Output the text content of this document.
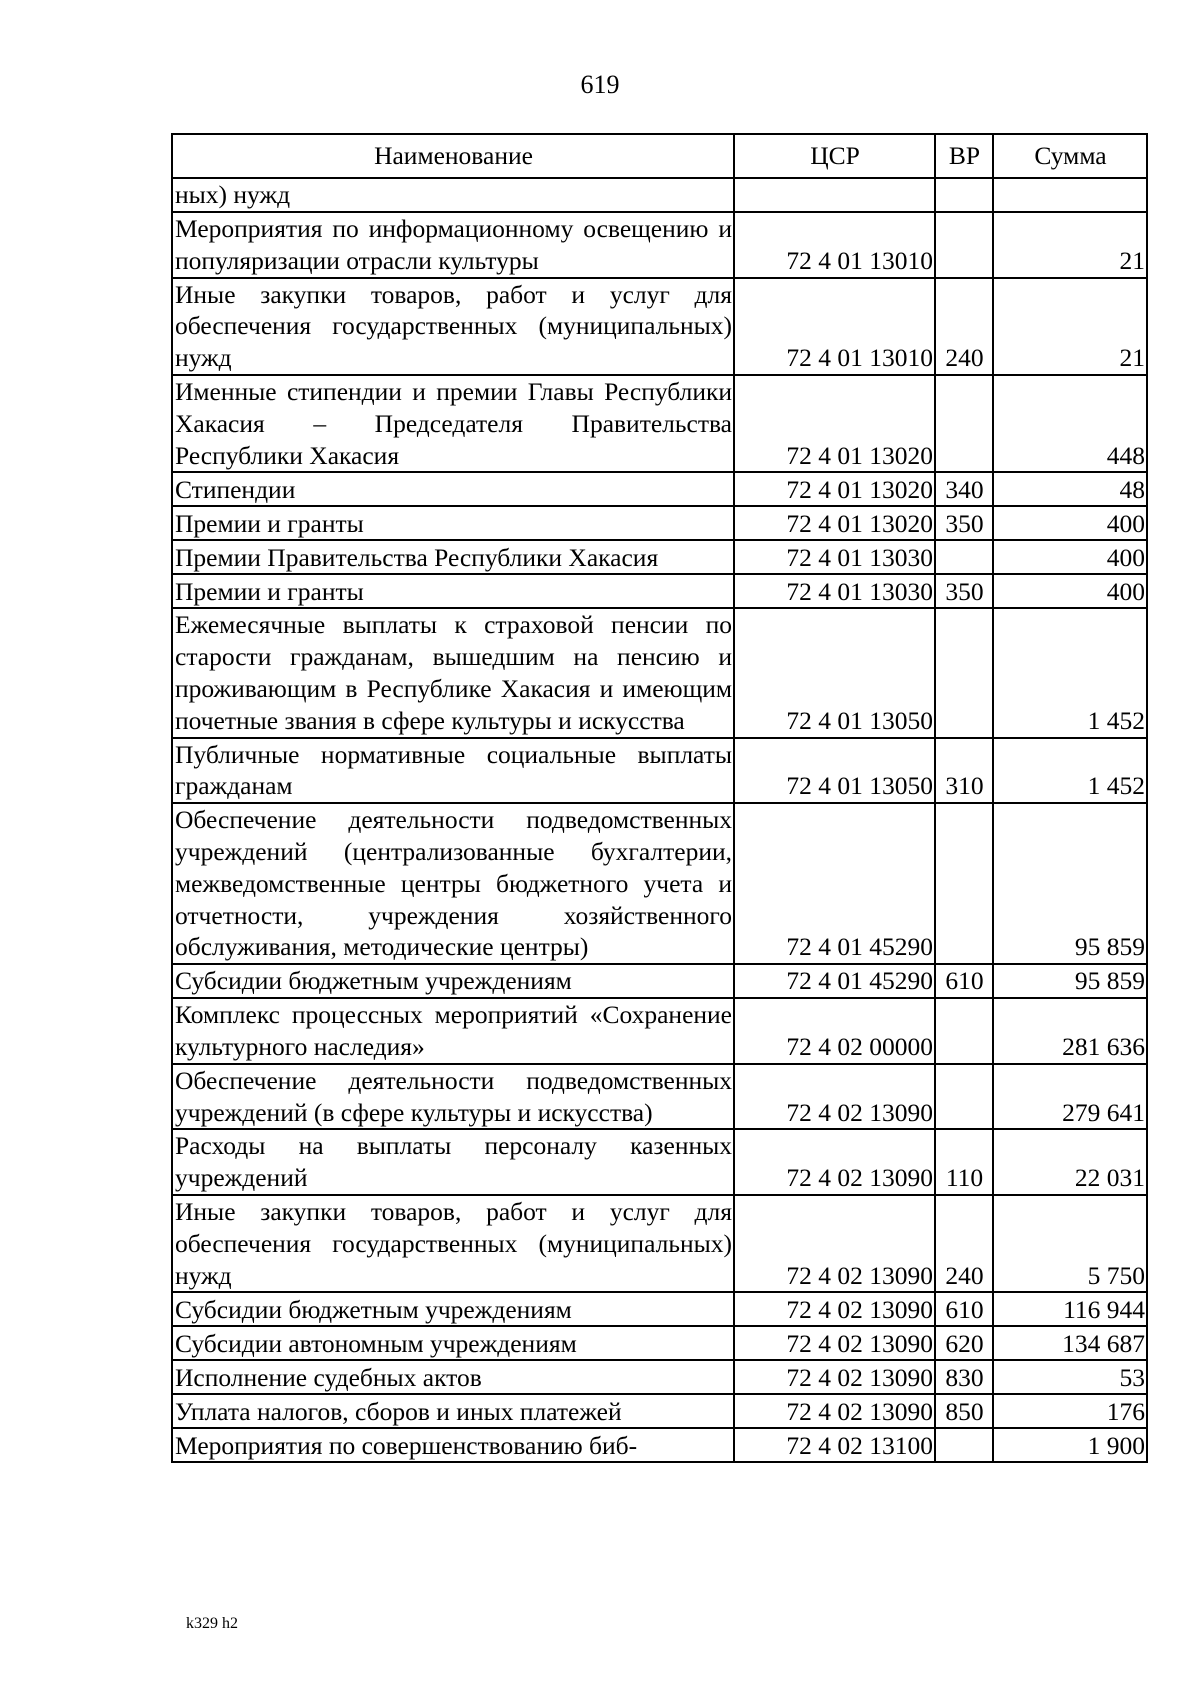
619
Наименование	ЦСР	ВР	Сумма
ных) нужд			
Мероприятия по информационному освещению и популяризации отрасли культуры	72 4 01 13010		21
Иные закупки товаров, работ и услуг для обеспечения государственных (муниципальных) нужд	72 4 01 13010	240	21
Именные стипендии и премии Главы Республики Хакасия – Председателя Правительства Республики Хакасия	72 4 01 13020		448
Стипендии	72 4 01 13020	340	48
Премии и гранты	72 4 01 13020	350	400
Премии Правительства Республики Хакасия	72 4 01 13030		400
Премии и гранты	72 4 01 13030	350	400
Ежемесячные выплаты к страховой пенсии по старости гражданам, вышедшим на пенсию и проживающим в Республике Хакасия и имеющим почетные звания в сфере культуры и искусства	72 4 01 13050		1 452
Публичные нормативные социальные выплаты гражданам	72 4 01 13050	310	1 452
Обеспечение деятельности подведомственных учреждений (централизованные бухгалтерии, межведомственные центры бюджетного учета и отчетности, учреждения хозяйственного обслуживания, методические центры)	72 4 01 45290		95 859
Субсидии бюджетным учреждениям	72 4 01 45290	610	95 859
Комплекс процессных мероприятий «Сохранение культурного наследия»	72 4 02 00000		281 636
Обеспечение деятельности подведомственных учреждений (в сфере культуры и искусства)	72 4 02 13090		279 641
Расходы на выплаты персоналу казенных учреждений	72 4 02 13090	110	22 031
Иные закупки товаров, работ и услуг для обеспечения государственных (муниципальных) нужд	72 4 02 13090	240	5 750
Субсидии бюджетным учреждениям	72 4 02 13090	610	116 944
Субсидии автономным учреждениям	72 4 02 13090	620	134 687
Исполнение судебных актов	72 4 02 13090	830	53
Уплата налогов, сборов и иных платежей	72 4 02 13090	850	176
Мероприятия по совершенствованию биб-	72 4 02 13100		1 900
k329 h2
